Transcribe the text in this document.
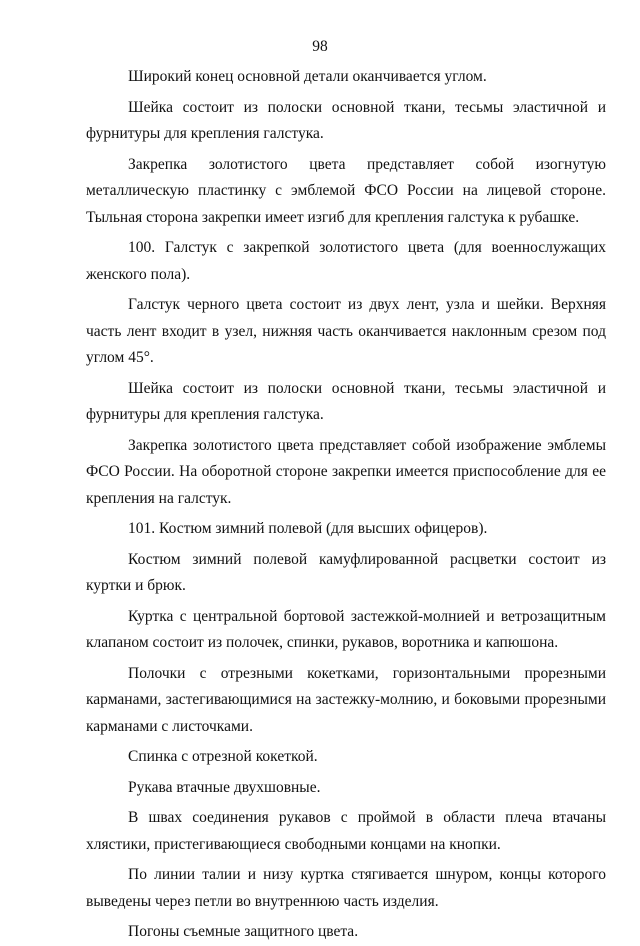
98

Широкий конец основной детали оканчивается углом.

Шейка состоит из полоски основной ткани, тесьмы эластичной и фурнитуры для крепления галстука.

Закрепка золотистого цвета представляет собой изогнутую металлическую пластинку с эмблемой ФСО России на лицевой стороне. Тыльная сторона закрепки имеет изгиб для крепления галстука к рубашке.

100. Галстук с закрепкой золотистого цвета (для военнослужащих женского пола).

Галстук черного цвета состоит из двух лент, узла и шейки. Верхняя часть лент входит в узел, нижняя часть оканчивается наклонным срезом под углом 45°.

Шейка состоит из полоски основной ткани, тесьмы эластичной и фурнитуры для крепления галстука.

Закрепка золотистого цвета представляет собой изображение эмблемы ФСО России. На оборотной стороне закрепки имеется приспособление для ее крепления на галстук.

101. Костюм зимний полевой (для высших офицеров).

Костюм зимний полевой камуфлированной расцветки состоит из куртки и брюк.

Куртка с центральной бортовой застежкой-молнией и ветрозащитным клапаном состоит из полочек, спинки, рукавов, воротника и капюшона.

Полочки с отрезными кокетками, горизонтальными прорезными карманами, застегивающимися на застежку-молнию, и боковыми прорезными карманами с листочками.

Спинка с отрезной кокеткой.

Рукава втачные двухшовные.

В швах соединения рукавов с проймой в области плеча втачаны хлястики, пристегивающиеся свободными концами на кнопки.

По линии талии и низу куртка стягивается шнуром, концы которого выведены через петли во внутреннюю часть изделия.

Погоны съемные защитного цвета.
